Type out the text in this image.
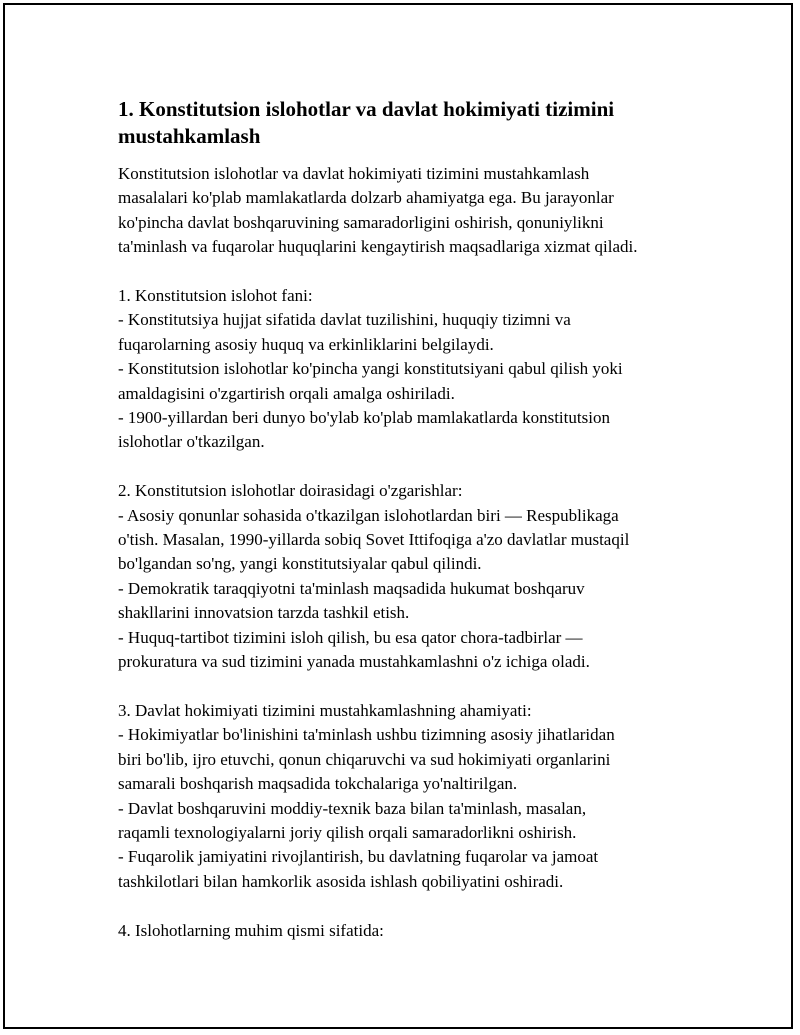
1. Konstitutsion islohotlar va davlat hokimiyati tizimini
mustahkamlash
Konstitutsion islohotlar va davlat hokimiyati tizimini mustahkamlash
masalalari ko'plab mamlakatlarda dolzarb ahamiyatga ega. Bu jarayonlar
ko'pincha davlat boshqaruvining samaradorligini oshirish, qonuniylikni
ta'minlash va fuqarolar huquqlarini kengaytirish maqsadlariga xizmat qiladi.
1. Konstitutsion islohot fani:
- Konstitutsiya hujjat sifatida davlat tuzilishini, huquqiy tizimni va
fuqarolarning asosiy huquq va erkinliklarini belgilaydi.
- Konstitutsion islohotlar ko'pincha yangi konstitutsiyani qabul qilish yoki
amaldagisini o'zgartirish orqali amalga oshiriladi.
- 1900-yillardan beri dunyo bo'ylab ko'plab mamlakatlarda konstitutsion
islohotlar o'tkazilgan.
2. Konstitutsion islohotlar doirasidagi o'zgarishlar:
- Asosiy qonunlar sohasida o'tkazilgan islohotlardan biri — Respublikaga
o'tish. Masalan, 1990-yillarda sobiq Sovet Ittifoqiga a'zo davlatlar mustaqil
bo'lgandan so'ng, yangi konstitutsiyalar qabul qilindi.
- Demokratik taraqqiyotni ta'minlash maqsadida hukumat boshqaruv
shakllarini innovatsion tarzda tashkil etish.
- Huquq-tartibot tizimini isloh qilish, bu esa qator chora-tadbirlar —
prokuratura va sud tizimini yanada mustahkamlashni o'z ichiga oladi.
3. Davlat hokimiyati tizimini mustahkamlashning ahamiyati:
- Hokimiyatlar bo'linishini ta'minlash ushbu tizimning asosiy jihatlaridan
biri bo'lib, ijro etuvchi, qonun chiqaruvchi va sud hokimiyati organlarini
samarali boshqarish maqsadida tokchalariga yo'naltirilgan.
- Davlat boshqaruvini moddiy-texnik baza bilan ta'minlash, masalan,
raqamli texnologiyalarni joriy qilish orqali samaradorlikni oshirish.
- Fuqarolik jamiyatini rivojlantirish, bu davlatning fuqarolar va jamoat
tashkilotlari bilan hamkorlik asosida ishlash qobiliyatini oshiradi.
4. Islohotlarning muhim qismi sifatida:
